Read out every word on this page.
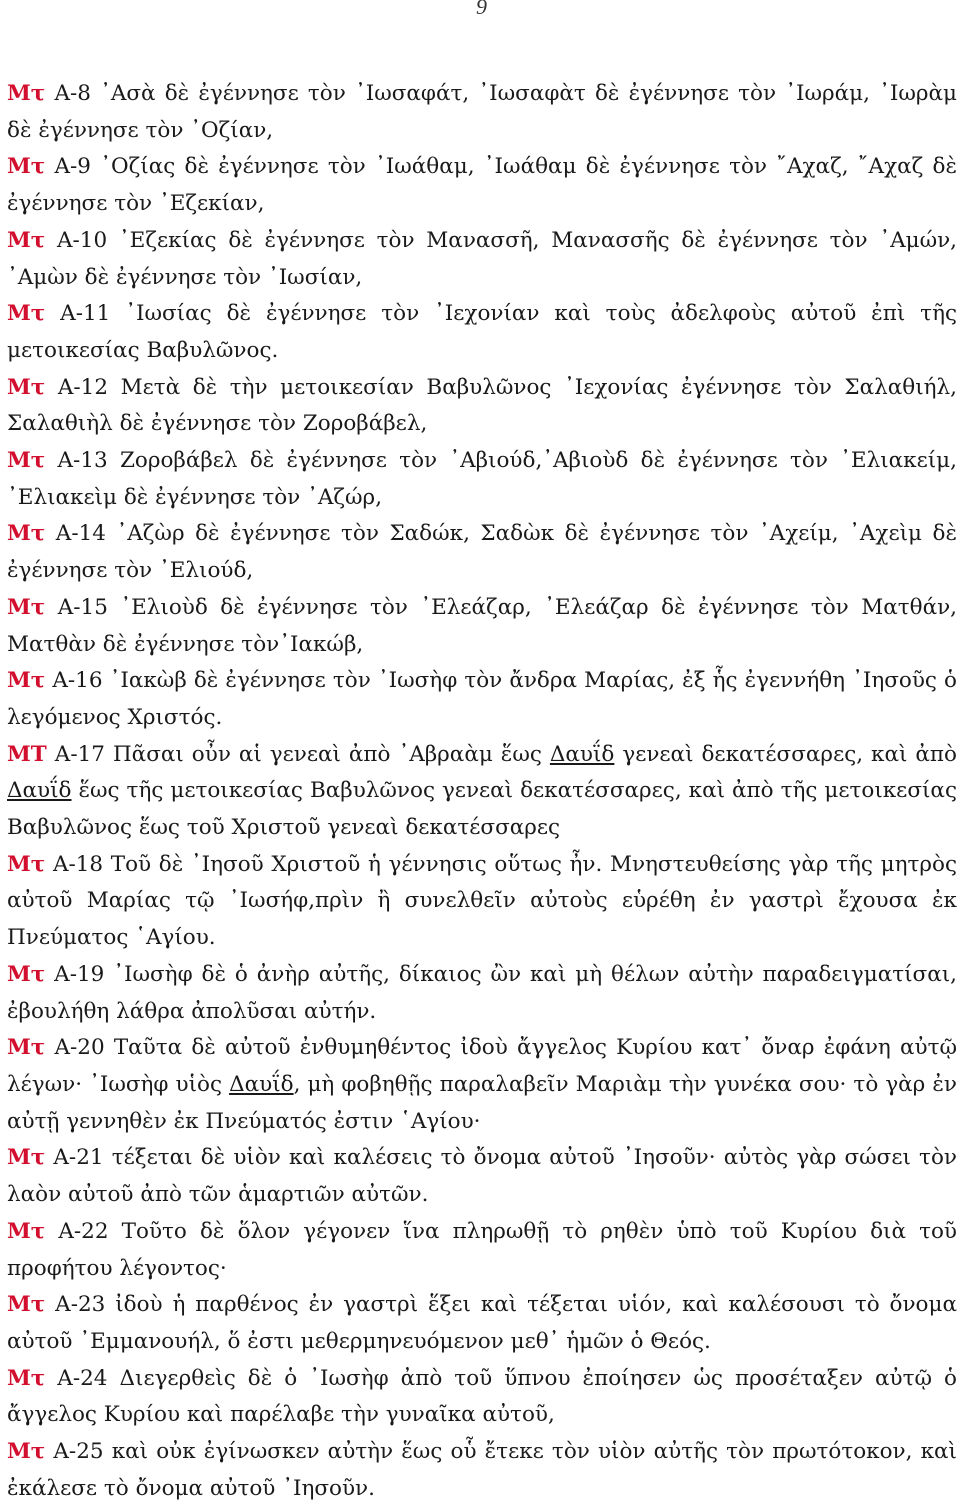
9

Μτ Α-8 ᾿Ασὰ δὲ ἐγέννησε τὸν ᾿Ιωσαφάτ, ᾿Ιωσαφὰτ δὲ ἐγέννησε τὸν ᾿Ιωράμ, ᾿Ιωρὰμ δὲ ἐγέννησε τὸν ᾿Οζίαν,

Μτ Α-9 ᾿Οζίας δὲ ἐγέννησε τὸν ᾿Ιωάθαμ, ᾿Ιωάθαμ δὲ ἐγέννησε τὸν ῎Αχαζ, ῎Αχαζ δὲ ἐγέννησε τὸν ᾿Εζεκίαν,

Μτ Α-10 ᾿Εζεκίας δὲ ἐγέννησε τὸν Μανασσῆ, Μανασσῆς δὲ ἐγέννησε τὸν ᾿Αμών, ᾿Αμὼν δὲ ἐγέννησε τὸν ᾿Ιωσίαν,

Μτ Α-11 ᾿Ιωσίας δὲ ἐγέννησε τὸν ᾿Ιεχονίαν καὶ τοὺς ἀδελφοὺς αὐτοῦ ἐπὶ τῆς μετοικεσίας Βαβυλῶνος.

Μτ Α-12 Μετὰ δὲ τὴν μετοικεσίαν Βαβυλῶνος ᾿Ιεχονίας ἐγέννησε τὸν Σαλαθιήλ, Σαλαθιὴλ δὲ ἐγέννησε τὸν Ζοροβάβελ,

Μτ Α-13 Ζοροβάβελ δὲ ἐγέννησε τὸν ᾿Αβιούδ,᾿Αβιοὺδ δὲ ἐγέννησε τὸν ᾿Ελιακείμ, ᾿Ελιακεὶμ δὲ ἐγέννησε τὸν ᾿Αζώρ,

Μτ Α-14 ᾿Αζὼρ δὲ ἐγέννησε τὸν Σαδώκ, Σαδὼκ δὲ ἐγέννησε τὸν ᾿Αχείμ, ᾿Αχεὶμ δὲ ἐγέννησε τὸν ᾿Ελιούδ,

Μτ Α-15 ᾿Ελιοὺδ δὲ ἐγέννησε τὸν ᾿Ελεάζαρ, ᾿Ελεάζαρ δὲ ἐγέννησε τὸν Ματθάν, Ματθὰν δὲ ἐγέννησε τὸν᾿Ιακώβ,

Μτ Α-16 ᾿Ιακὼβ δὲ ἐγέννησε τὸν ᾿Ιωσὴφ τὸν ἄνδρα Μαρίας, ἐξ ἧς ἐγεννήθη ᾿Ιησοῦς ὁ λεγόμενος Χριστός.

ΜΤ Α-17 Πᾶσαι οὖν αἱ γενεαὶ ἀπὸ ᾿Αβραὰμ ἕως Δαυΐδ γενεαὶ δεκατέσσαρες, καὶ ἀπὸ Δαυΐδ ἕως τῆς μετοικεσίας Βαβυλῶνος γενεαὶ δεκατέσσαρες, καὶ ἀπὸ τῆς μετοικεσίας Βαβυλῶνος ἕως τοῦ Χριστοῦ γενεαὶ δεκατέσσαρες

Μτ Α-18 Τοῦ δὲ ᾿Ιησοῦ Χριστοῦ ἡ γέννησις οὕτως ἦν. Μνηστευθείσης γὰρ τῆς μητρὸς αὐτοῦ Μαρίας τῷ ᾿Ιωσήφ,πρὶν ἢ συνελθεῖν αὐτοὺς εὑρέθη ἐν γαστρὶ ἔχουσα ἐκ Πνεύματος ῾Αγίου.

Μτ Α-19 ᾿Ιωσὴφ δὲ ὁ ἀνὴρ αὐτῆς, δίκαιος ὢν καὶ μὴ θέλων αὐτὴν παραδειγματίσαι, ἐβουλήθη λάθρα ἀπολῦσαι αὐτήν.

Μτ Α-20 Ταῦτα δὲ αὐτοῦ ἐνθυμηθέντος ἰδοὺ ἄγγελος Κυρίου κατ᾿ ὄναρ ἐφάνη αὐτῷ λέγων· ᾿Ιωσὴφ υἱὸς Δαυΐδ, μὴ φοβηθῇς παραλαβεῖν Μαριὰμ τὴν γυνέκα σου· τὸ γὰρ ἐν αὐτῇ γεννηθὲν ἐκ Πνεύματός ἐστιν ῾Αγίου·

Μτ Α-21 τέξεται δὲ υἱὸν καὶ καλέσεις τὸ ὄνομα αὐτοῦ ᾿Ιησοῦν· αὐτὸς γὰρ σώσει τὸν λαὸν αὐτοῦ ἀπὸ τῶν ἁμαρτιῶν αὐτῶν.

Μτ Α-22 Τοῦτο δὲ ὅλον γέγονεν ἵνα πληρωθῇ τὸ ρηθὲν ὑπὸ τοῦ Κυρίου διὰ τοῦ προφήτου λέγοντος·

Μτ Α-23 ἰδοὺ ἡ παρθένος ἐν γαστρὶ ἕξει καὶ τέξεται υἱόν, καὶ καλέσουσι τὸ ὄνομα αὐτοῦ ᾿Εμμανουήλ, ὅ ἐστι μεθερμηνευόμενον μεθ᾿ ἡμῶν ὁ Θεός.

Μτ Α-24 Διεγερθεὶς δὲ ὁ ᾿Ιωσὴφ ἀπὸ τοῦ ὕπνου ἐποίησεν ὡς προσέταξεν αὐτῷ ὁ ἄγγελος Κυρίου καὶ παρέλαβε τὴν γυναῖκα αὐτοῦ,

Μτ Α-25 καὶ οὐκ ἐγίνωσκεν αὐτὴν ἕως οὗ ἔτεκε τὸν υἱὸν αὐτῆς τὸν πρωτότοκον, καὶ ἐκάλεσε τὸ ὄνομα αὐτοῦ ᾿Ιησοῦν.
